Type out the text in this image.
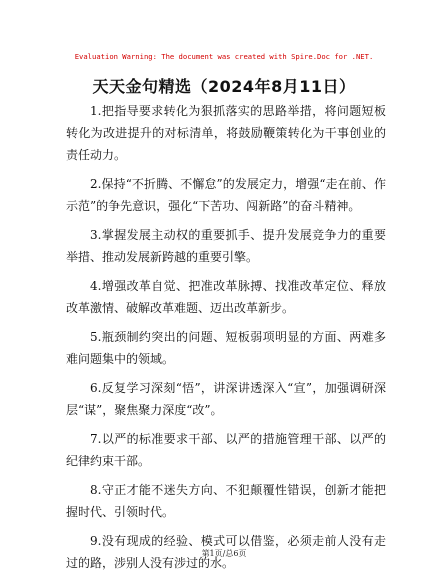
Evaluation Warning: The document was created with Spire.Doc for .NET.
天天金句精选（2024年8月11日）
1.把指导要求转化为狠抓落实的思路举措，将问题短板转化为改进提升的对标清单，将鼓励鞭策转化为干事创业的责任动力。
2.保持“不折腾、不懈怠”的发展定力，增强“走在前、作示范”的争先意识，强化“下苦功、闯新路”的奋斗精神。
3.掌握发展主动权的重要抓手、提升发展竞争力的重要举措、推动发展新跨越的重要引擎。
4.增强改革自觉、把准改革脉搏、找准改革定位、释放改革激情、破解改革难题、迈出改革新步。
5.瓶颈制约突出的问题、短板弱项明显的方面、两难多难问题集中的领域。
6.反复学习深刻“悟”，讲深讲透深入“宣”，加强调研深层“谋”，聚焦聚力深度“改”。
7.以严的标准要求干部、以严的措施管理干部、以严的纪律约束干部。
8.守正才能不迷失方向、不犯颠覆性错误，创新才能把握时代、引领时代。
9.没有现成的经验、模式可以借鉴，必须走前人没有走过的路，涉别人没有涉过的水。
第1页/总6页
